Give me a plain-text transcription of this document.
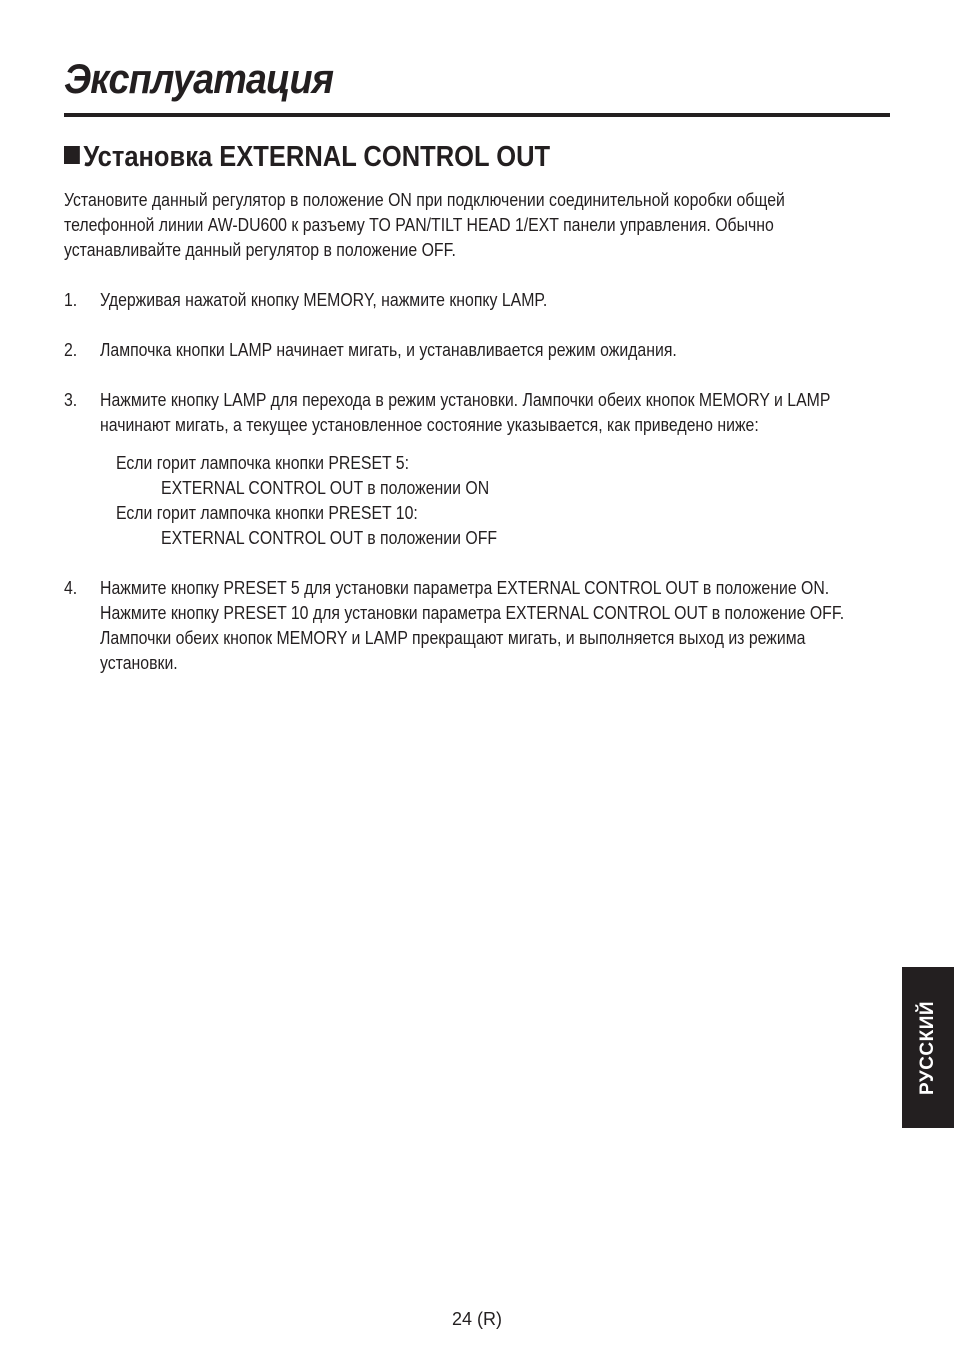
Эксплуатация
Установка EXTERNAL CONTROL OUT

Установите данный регулятор в положение ON при подключении соединительной коробки общей

телефонной линии AW-DU600 к разъему TO PAN/TILT HEAD 1/EXT панели управления. Обычно

устанавливайте данный регулятор в положение OFF.

1. Удерживая нажатой кнопку MEMORY, нажмите кнопку LAMP.

2. Лампочка кнопки LAMP начинает мигать, и устанавливается режим ожидания.

3. Нажмите кнопку LAMP для перехода в режим установки. Лампочки обеих кнопок MEMORY и LAMP

начинают мигать, а текущее установленное состояние указывается, как приведено ниже:

Если горит лампочка кнопки PRESET 5:

EXTERNAL CONTROL OUT в положении ON

Если горит лампочка кнопки PRESET 10:

EXTERNAL CONTROL OUT в положении OFF

4. Нажмите кнопку PRESET 5 для установки параметра EXTERNAL CONTROL OUT в положение ON.

Нажмите кнопку PRESET 10 для установки параметра EXTERNAL CONTROL OUT в положение OFF.

Лампочки обеих кнопок MEMORY и LAMP прекращают мигать, и выполняется выход из режима

установки.

РУССКИЙ
24 (R)
